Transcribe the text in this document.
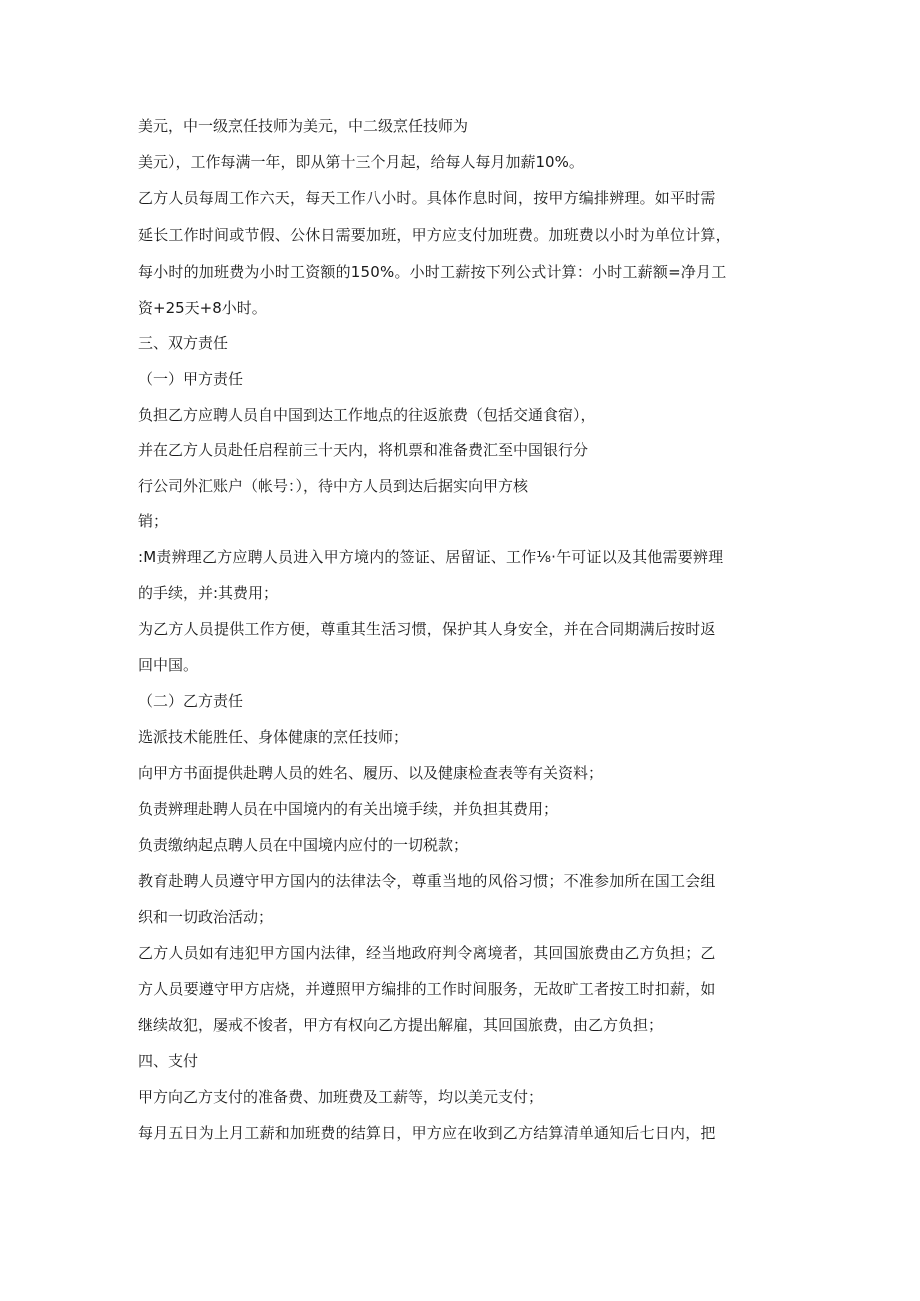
美元，中一级烹任技师为美元，中二级烹任技师为
美元），工作每满一年，即从第十三个月起，给每人每月加薪10%。
乙方人员每周工作六天，每天工作八小时。具体作息时间，按甲方编排辨理。如平时需
延长工作时间或节假、公休日需要加班，甲方应支付加班费。加班费以小时为单位计算，
每小时的加班费为小时工资额的150%。小时工薪按下列公式计算：小时工薪额=净月工
资+25天+8小时。
三、双方责任
（一）甲方责任
负担乙方应聘人员自中国到达工作地点的往返旅费（包括交通食宿），
并在乙方人员赴任启程前三十天内，将机票和准备费汇至中国银行分
行公司外汇账户（帐号：），待中方人员到达后据实向甲方核
销；
:M责辨理乙方应聘人员进入甲方境内的签证、居留证、工作⅛·午可证以及其他需要辨理
的手续，并:其费用；
为乙方人员提供工作方便，尊重其生活习惯，保护其人身安全，并在合同期满后按时返
回中国。
（二）乙方责任
选派技术能胜任、身体健康的烹任技师；
向甲方书面提供赴聘人员的姓名、履历、以及健康检查表等有关资料；
负责辨理赴聘人员在中国境内的有关出境手续，并负担其费用；
负责缴纳起点聘人员在中国境内应付的一切税款；
教育赴聘人员遵守甲方国内的法律法令，尊重当地的风俗习惯；不准参加所在国工会组
织和一切政治活动；
乙方人员如有违犯甲方国内法律，经当地政府判令离境者，其回国旅费由乙方负担；乙
方人员要遵守甲方店烧，并遵照甲方编排的工作时间服务，无故旷工者按工时扣薪，如
继续故犯，屡戒不悛者，甲方有权向乙方提出解雇，其回国旅费，由乙方负担；
四、支付
甲方向乙方支付的准备费、加班费及工薪等，均以美元支付；
每月五日为上月工薪和加班费的结算日，甲方应在收到乙方结算清单通知后七日内，把
